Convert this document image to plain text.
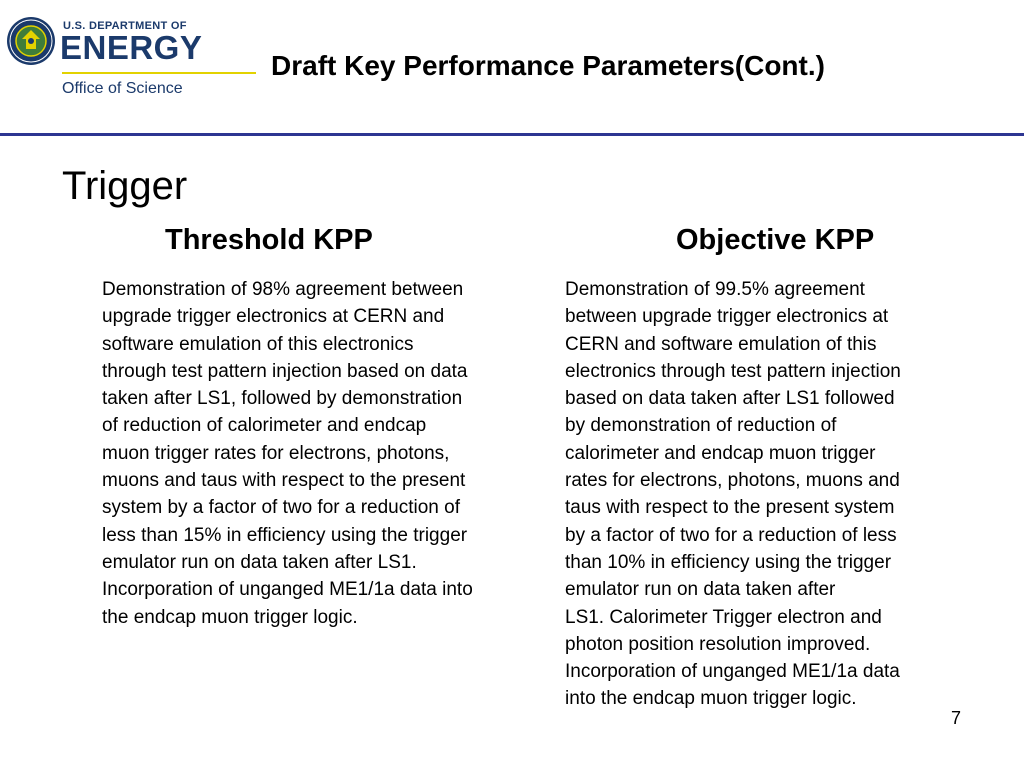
U.S. DEPARTMENT OF
ENERGY
Office of Science
Draft Key Performance Parameters(Cont.)
Trigger
Threshold KPP	Objective KPP
Demonstration of 98% agreement between
upgrade trigger electronics at CERN and
software emulation of this electronics
through test pattern injection based on data
taken after LS1, followed by demonstration
of reduction of calorimeter and endcap
muon trigger rates for electrons, photons,
muons and taus with respect to the present
system by a factor of two for a reduction of
less than 15% in efficiency using the trigger
emulator run on data taken after LS1.
Incorporation of unganged ME1/1a data into
the endcap muon trigger logic.
Demonstration of 99.5% agreement
between upgrade trigger electronics at
CERN and software emulation of this
electronics through test pattern injection
based on data taken after LS1 followed
by demonstration of reduction of
calorimeter and endcap muon trigger
rates for electrons, photons, muons and
taus with respect to the present system
by a factor of two for a reduction of less
than 10% in efficiency using the trigger
emulator run on data taken after
LS1. Calorimeter Trigger electron and
photon position resolution improved.
Incorporation of unganged ME1/1a data
into the endcap muon trigger logic.
7
